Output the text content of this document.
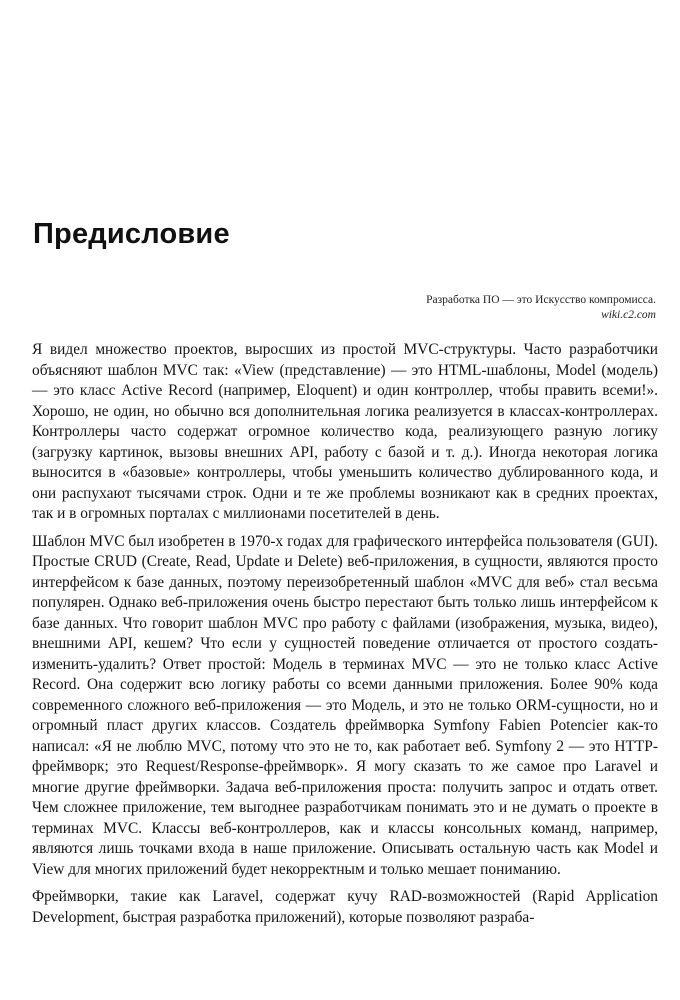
Предисловие
Разработка ПО — это Искусство компромисса.
wiki.c2.com

Я видел множество проектов, выросших из простой MVC-структуры. Часто разработчики объясняют шаблон MVC так: «View (представление) — это HTML-шаблоны, Model (модель) — это класс Active Record (например, Eloquent) и один контроллер, чтобы править всеми!». Хорошо, не один, но обычно вся дополнительная логика реализуется в классах-контроллерах. Контроллеры часто содержат огромное количество кода, реализующего разную логику (загрузку картинок, вызовы внешних API, работу с базой и т. д.). Иногда некоторая логика выносится в «базовые» контроллеры, чтобы уменьшить количество дублированного кода, и они распухают тысячами строк. Одни и те же проблемы возникают как в средних проектах, так и в огромных порталах с миллионами посетителей в день.

Шаблон MVC был изобретен в 1970-х годах для графического интерфейса пользователя (GUI). Простые CRUD (Create, Read, Update и Delete) веб-приложения, в сущности, являются просто интерфейсом к базе данных, поэтому переизобретенный шаблон «MVC для веб» стал весьма популярен. Однако веб-приложения очень быстро перестают быть только лишь интерфейсом к базе данных. Что говорит шаблон MVC про работу с файлами (изображения, музыка, видео), внешними API, кешем? Что если у сущностей поведение отличается от простого создать-изменить-удалить? Ответ простой: Модель в терминах MVC — это не только класс Active Record. Она содержит всю логику работы со всеми данными приложения. Более 90% кода современного сложного веб-приложения — это Модель, и это не только ORM-сущности, но и огромный пласт других классов. Создатель фреймворка Symfony Fabien Potencier как-то написал: «Я не люблю MVC, потому что это не то, как работает веб. Symfony 2 — это HTTP-фреймворк; это Request/Response-фреймворк». Я могу сказать то же самое про Laravel и многие другие фреймворки. Задача веб-приложения проста: получить запрос и отдать ответ. Чем сложнее приложение, тем выгоднее разработчикам понимать это и не думать о проекте в терминах MVC. Классы веб-контроллеров, как и классы консольных команд, например, являются лишь точками входа в наше приложение. Описывать остальную часть как Model и View для многих приложений будет некорректным и только мешает пониманию.

Фреймворки, такие как Laravel, содержат кучу RAD-возможностей (Rapid Application Development, быстрая разработка приложений), которые позволяют разраба-
